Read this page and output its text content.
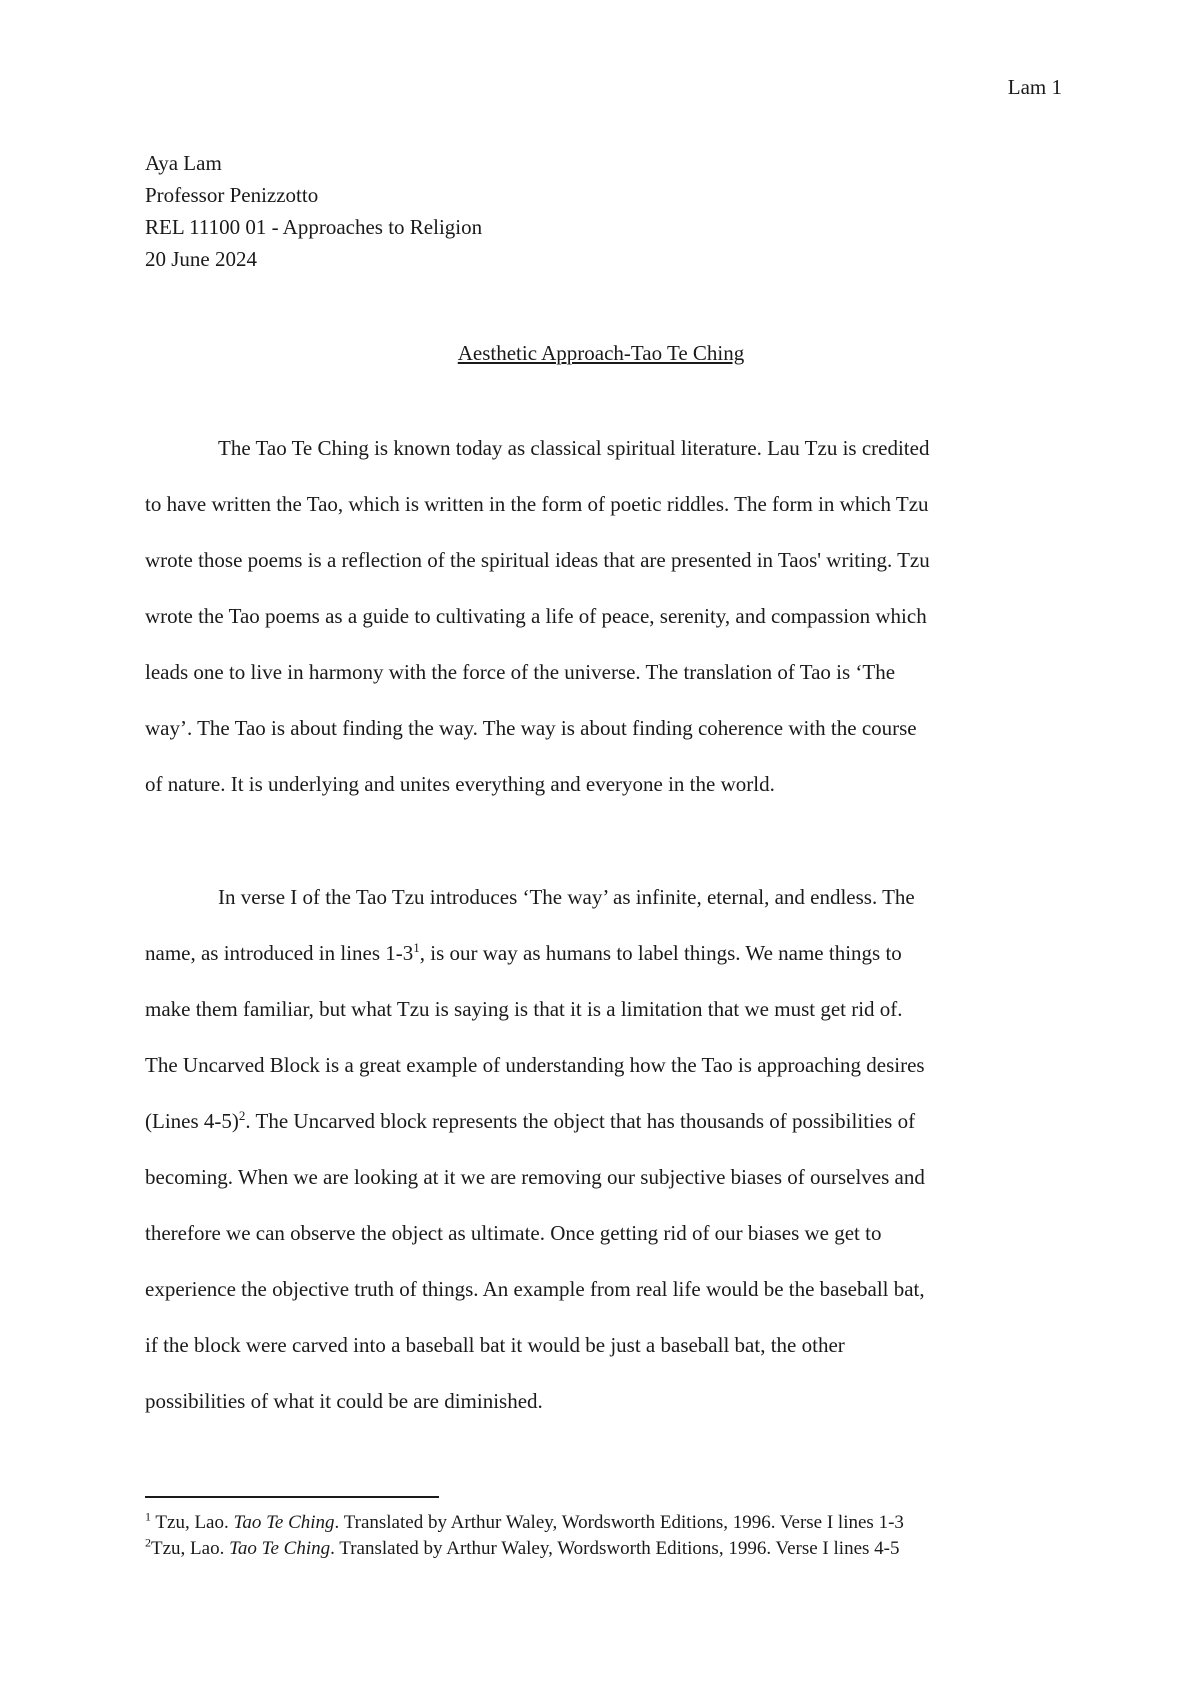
Lam 1
Aya Lam
Professor Penizzotto
REL 11100 01 - Approaches to Religion
20 June 2024
Aesthetic Approach-Tao Te Ching
The Tao Te Ching is known today as classical spiritual literature. Lau Tzu is credited
to have written the Tao, which is written in the form of poetic riddles. The form in which Tzu
wrote those poems is a reflection of the spiritual ideas that are presented in Taos' writing. Tzu
wrote the Tao poems as a guide to cultivating a life of peace, serenity, and compassion which
leads one to live in harmony with the force of the universe. The translation of Tao is ‘The
way’. The Tao is about finding the way. The way is about finding coherence with the course
of nature. It is underlying and unites everything and everyone in the world.
In verse I of the Tao Tzu introduces ‘The way’ as infinite, eternal, and endless. The
name, as introduced in lines $1-3^1$, is our way as humans to label things. We name things to
make them familiar, but what Tzu is saying is that it is a limitation that we must get rid of.
The Uncarved Block is a great example of understanding how the Tao is approaching desires
(Lines 4-5)$^2$. The Uncarved block represents the object that has thousands of possibilities of
becoming. When we are looking at it we are removing our subjective biases of ourselves and
therefore we can observe the object as ultimate. Once getting rid of our biases we get to
experience the objective truth of things. An example from real life would be the baseball bat,
if the block were carved into a baseball bat it would be just a baseball bat, the other
possibilities of what it could be are diminished.
$^1$ Tzu, Lao. Tao Te Ching. Translated by Arthur Waley, Wordsworth Editions, 1996. Verse I lines 1-3
$^2$Tzu, Lao. Tao Te Ching. Translated by Arthur Waley, Wordsworth Editions, 1996. Verse I lines 4-5
